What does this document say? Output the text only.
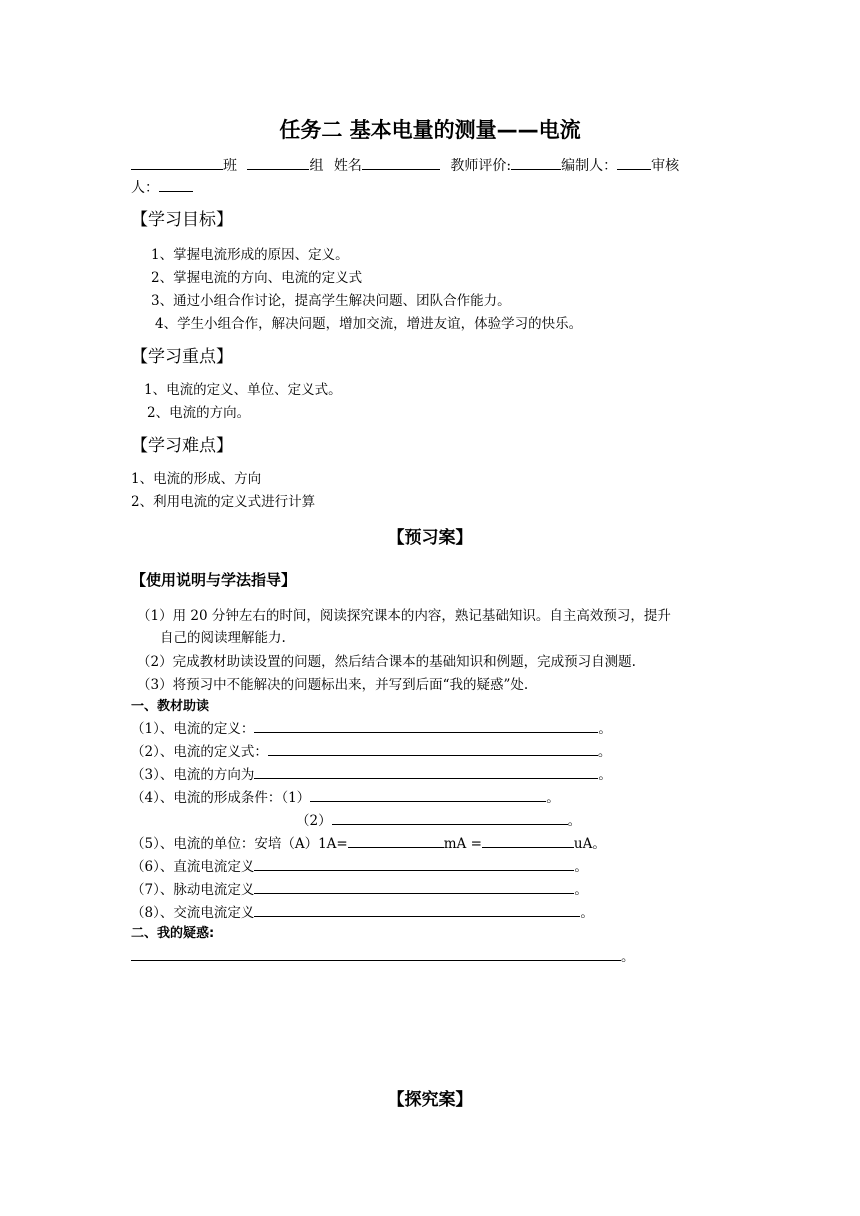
任务二 基本电量的测量——电流
班	组 姓名	教师评价:	编制人： 审核
人：
【学习目标】
1、掌握电流形成的原因、定义。
2、掌握电流的方向、电流的定义式
3、通过小组合作讨论，提高学生解决问题、团队合作能力。
4、学生小组合作，解决问题，增加交流，增进友谊，体验学习的快乐。
【学习重点】
1、电流的定义、单位、定义式。
2、电流的方向。
【学习难点】
1、电流的形成、方向
2、利用电流的定义式进行计算
【预习案】
【使用说明与学法指导】
（1）用 20 分钟左右的时间，阅读探究课本的内容，熟记基础知识。自主高效预习，提升
自己的阅读理解能力.
（2）完成教材助读设置的问题，然后结合课本的基础知识和例题，完成预习自测题.
（3）将预习中不能解决的问题标出来，并写到后面“我的疑惑”处.
一、教材助读
（1）、电流的定义：	。
（2）、电流的定义式：	。
（3）、电流的方向为	。
（4）、电流的形成条件：（1）	。
（2）	。
（5）、电流的单位：安培（A）1A=	mA =	uA。
（6）、直流电流定义	。
（7）、脉动电流定义	。
（8）、交流电流定义	。
二、我的疑惑:
。
【探究案】
